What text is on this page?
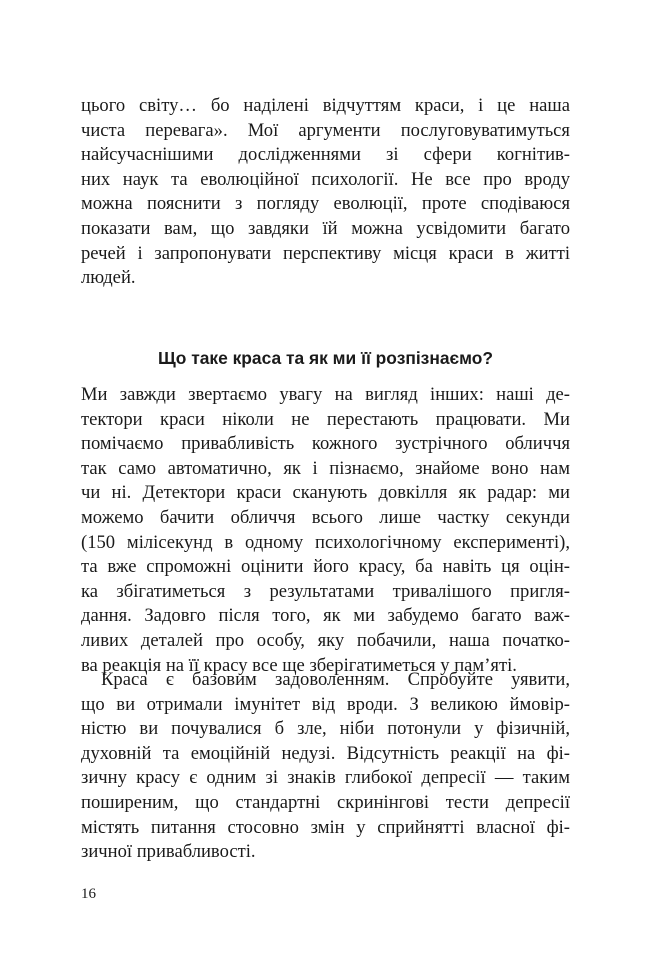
цього світу… бо наділені відчуттям краси, і це наша
чиста перевага». Мої аргументи послуговуватимуться
найсучаснішими дослідженнями зі сфери когнітив-
них наук та еволюційної психології. Не все про вроду
можна пояснити з погляду еволюції, проте сподіваюся
показати вам, що завдяки їй можна усвідомити багато
речей і запропонувати перспективу місця краси в житті
людей.
Що таке краса та як ми її розпізнаємо?
Ми завжди звертаємо увагу на вигляд інших: наші де-
тектори краси ніколи не перестають працювати. Ми
помічаємо привабливість кожного зустрічного обличчя
так само автоматично, як і пізнаємо, знайоме воно нам
чи ні. Детектори краси сканують довкілля як радар: ми
можемо бачити обличчя всього лише частку секунди
(150 мілісекунд в одному психологічному експерименті),
та вже спроможні оцінити його красу, ба навіть ця оцін-
ка збігатиметься з результатами тривалішого пригля-
дання. Задовго після того, як ми забудемо багато важ-
ливих деталей про особу, яку побачили, наша початко-
ва реакція на її красу все ще зберігатиметься у пам’яті.
Краса є базовим задоволенням. Спробуйте уявити,
що ви отримали імунітет від вроди. З великою ймовір-
ністю ви почувалися б зле, ніби потонули у фізичній,
духовній та емоційній недузі. Відсутність реакції на фі-
зичну красу є одним зі знаків глибокої депресії — таким
поширеним, що стандартні скринінгові тести депресії
містять питання стосовно змін у сприйнятті власної фі-
зичної привабливості.
16
